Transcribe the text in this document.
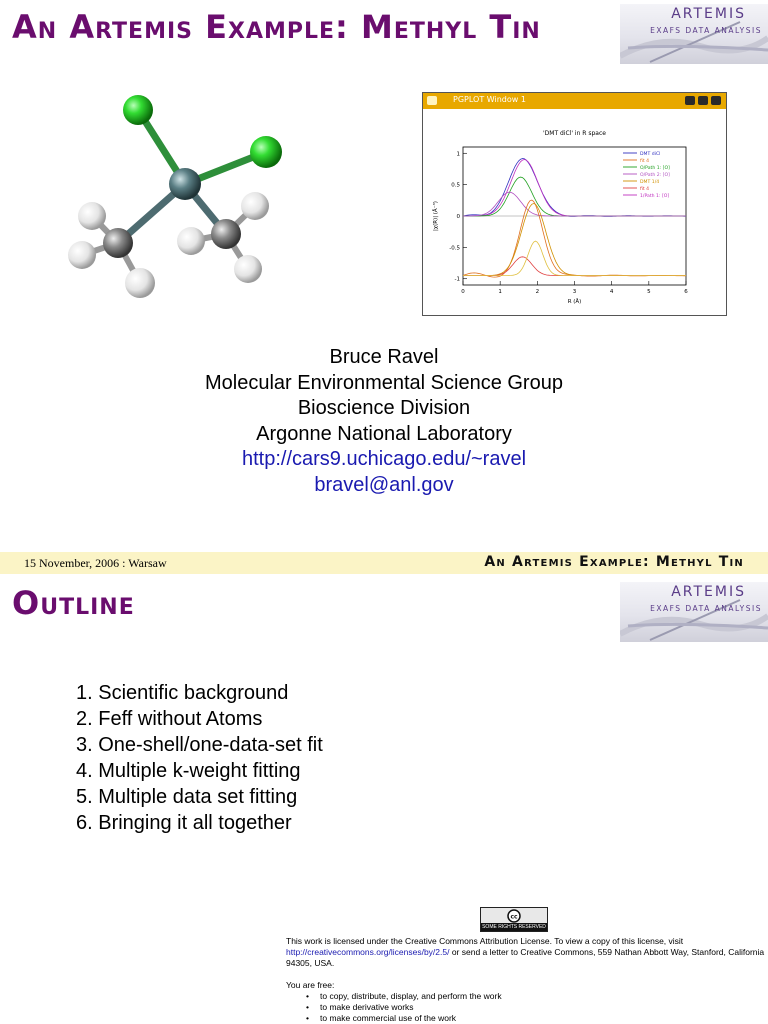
An Artemis Example: Methyl Tin	ARTEMIS
EXAFS DATA ANALYSIS
PGPLOT Window 1
'DMT diCl' in R space
0	1	2	3	4	5	6
1
0.5
0
-0.5
-1
R (Å)
|χ(R)| (Å⁻³)
DMT diCl
fit 4
O/Path 1: [O]
O/Path 2: [O]
DMT 1/4
fit 4
1/Path 1: [O]
Bruce Ravel
Molecular Environmental Science Group
Bioscience Division
Argonne National Laboratory
http://cars9.uchicago.edu/~ravel
bravel@anl.gov
15 November, 2006 : Warsaw	An Artemis Example: Methyl Tin
Outline	ARTEMIS
EXAFS DATA ANALYSIS
1. Scientific background
2. Feff without Atoms
3. One-shell/one-data-set fit
4. Multiple k-weight fitting
5. Multiple data set fitting
6. Bringing it all together
cc
SOME RIGHTS RESERVED
This work is licensed under the Creative Commons Attribution License. To view a copy of this license, visit
http://creativecommons.org/licenses/by/2.5/ or send a letter to Creative Commons, 559 Nathan Abbott Way, Stanford, California 94305, USA.
You are free:
• to copy, distribute, display, and perform the work
• to make derivative works
• to make commercial use of the work
